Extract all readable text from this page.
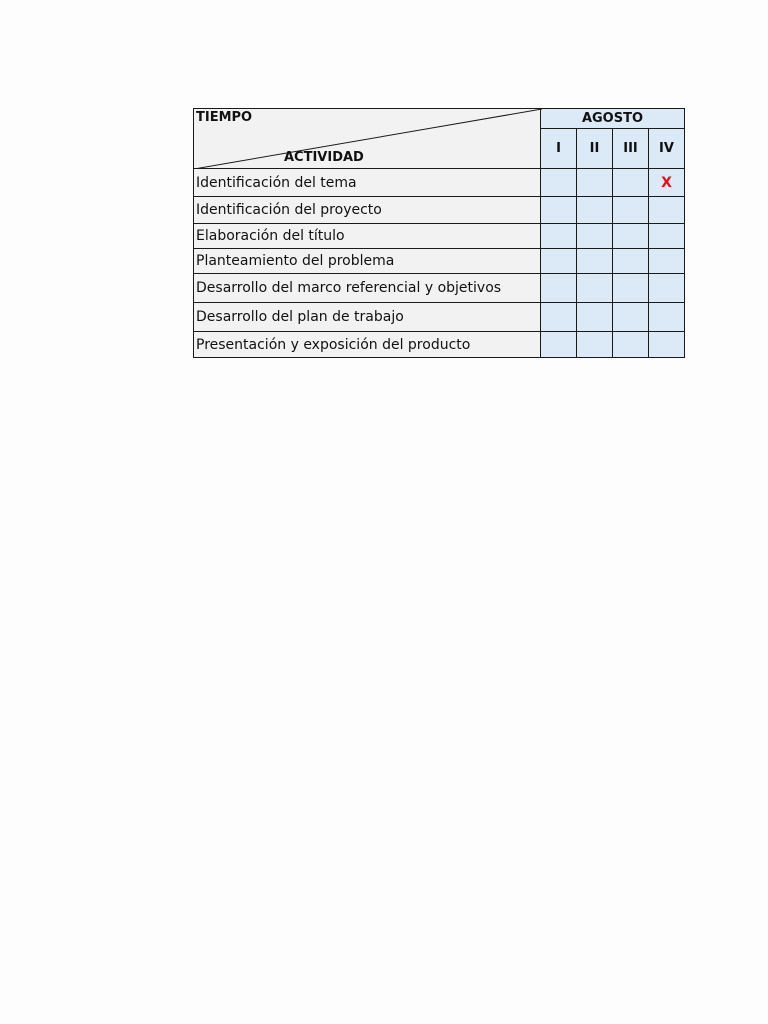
TIEMPO
ACTIVIDAD	AGOSTO			
	I	II	III	IV
Identificación del tema				X
Identificación del proyecto				
Elaboración del título				
Planteamiento del problema				
Desarrollo del marco referencial y objetivos				
Desarrollo del plan de trabajo				
Presentación y exposición del producto				
